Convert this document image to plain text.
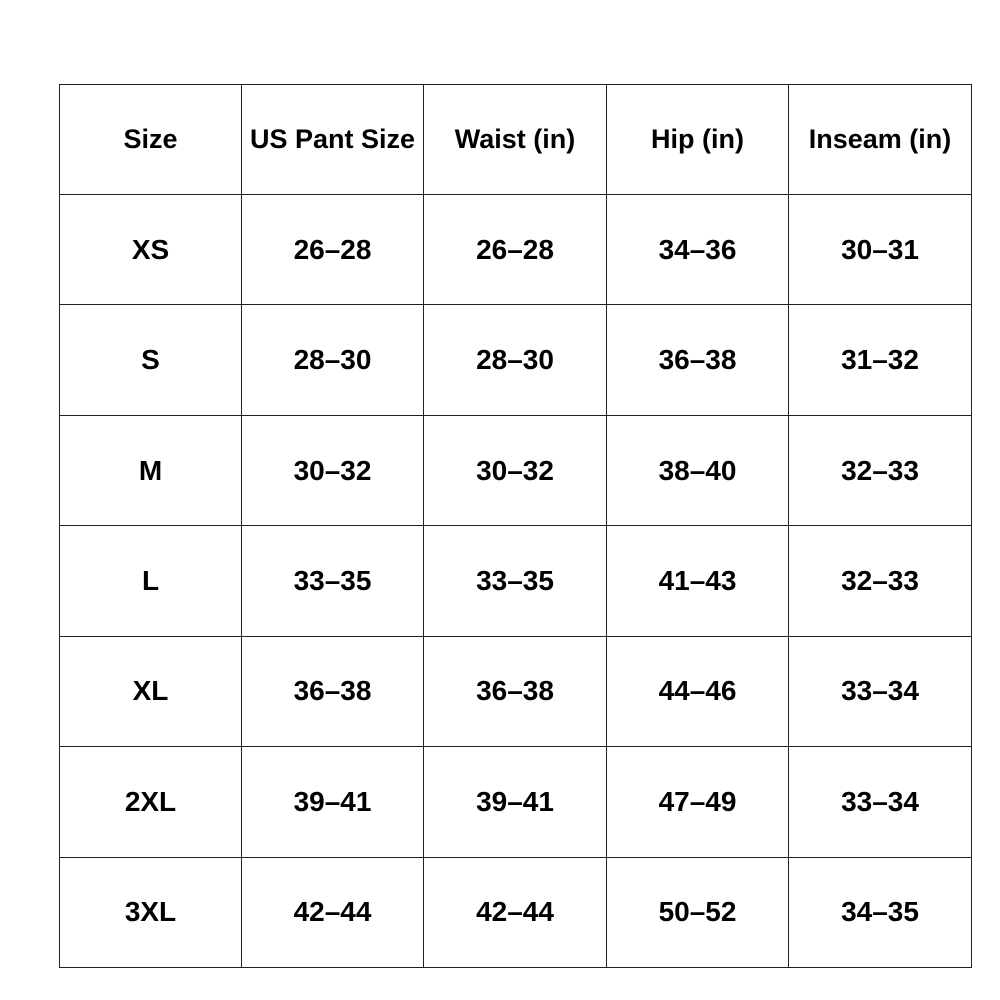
Size	US Pant Size	Waist (in)	Hip (in)	Inseam (in)
XS	26–28	26–28	34–36	30–31
S	28–30	28–30	36–38	31–32
M	30–32	30–32	38–40	32–33
L	33–35	33–35	41–43	32–33
XL	36–38	36–38	44–46	33–34
2XL	39–41	39–41	47–49	33–34
3XL	42–44	42–44	50–52	34–35
